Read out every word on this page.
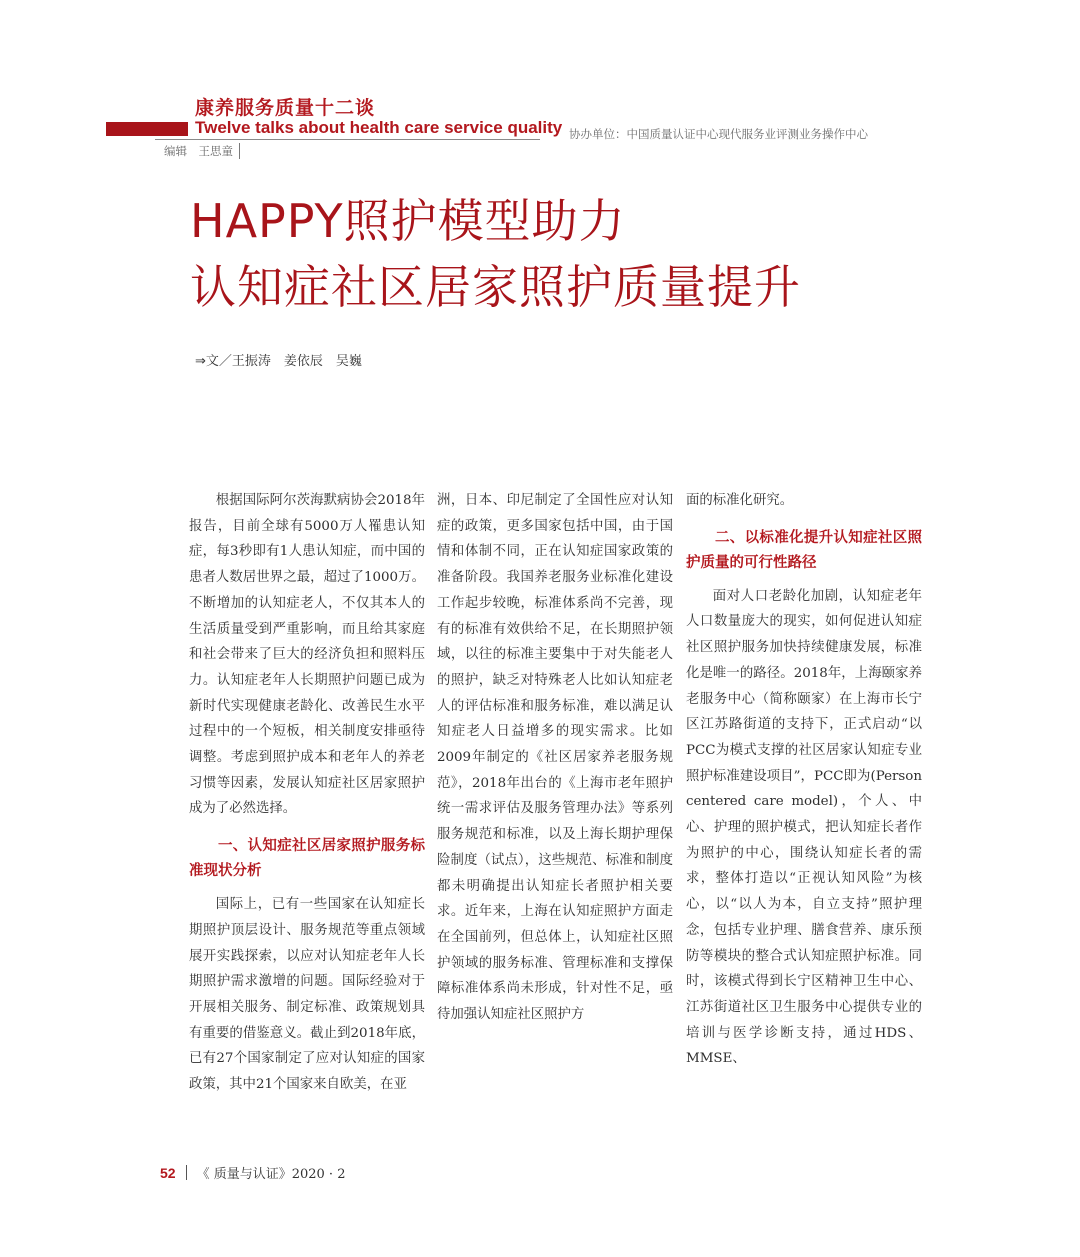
康养服务质量十二谈
Twelve talks about health care service quality 协办单位：中国质量认证中心现代服务业评测业务操作中心
编辑　王思童
HAPPY照护模型助力
认知症社区居家照护质量提升
⇒文／王振涛　姜依辰　吴巍

根据国际阿尔茨海默病协会2018年报告，目前全球有5000万人罹患认知症，每3秒即有1人患认知症，而中国的患者人数居世界之最，超过了1000万。不断增加的认知症老人，不仅其本人的生活质量受到严重影响，而且给其家庭和社会带来了巨大的经济负担和照料压力。认知症老年人长期照护问题已成为新时代实现健康老龄化、改善民生水平过程中的一个短板，相关制度安排亟待调整。考虑到照护成本和老年人的养老习惯等因素，发展认知症社区居家照护成为了必然选择。

一、认知症社区居家照护服务标准现状分析

国际上，已有一些国家在认知症长期照护顶层设计、服务规范等重点领域展开实践探索，以应对认知症老年人长期照护需求激增的问题。国际经验对于开展相关服务、制定标准、政策规划具有重要的借鉴意义。截止到2018年底，已有27个国家制定了应对认知症的国家政策，其中21个国家来自欧美，在亚

洲，日本、印尼制定了全国性应对认知症的政策，更多国家包括中国，由于国情和体制不同，正在认知症国家政策的准备阶段。我国养老服务业标准化建设工作起步较晚，标准体系尚不完善，现有的标准有效供给不足，在长期照护领域，以往的标准主要集中于对失能老人的照护，缺乏对特殊老人比如认知症老人的评估标准和服务标准，难以满足认知症老人日益增多的现实需求。比如2009年制定的《社区居家养老服务规范》，2018年出台的《上海市老年照护统一需求评估及服务管理办法》等系列服务规范和标准，以及上海长期护理保险制度（试点），这些规范、标准和制度都未明确提出认知症长者照护相关要求。近年来，上海在认知症照护方面走在全国前列，但总体上，认知症社区照护领域的服务标准、管理标准和支撑保障标准体系尚未形成，针对性不足，亟待加强认知症社区照护方

面的标准化研究。

二、以标准化提升认知症社区照护质量的可行性路径

面对人口老龄化加剧，认知症老年人口数量庞大的现实，如何促进认知症社区照护服务加快持续健康发展，标准化是唯一的路径。2018年，上海颐家养老服务中心（简称颐家）在上海市长宁区江苏路街道的支持下，正式启动“以PCC为模式支撑的社区居家认知症专业照护标准建设项目”，PCC即为(Person centered care model)，个人、中心、护理的照护模式，把认知症长者作为照护的中心，围绕认知症长者的需求，整体打造以“正视认知风险”为核心，以“以人为本，自立支持”照护理念，包括专业护理、膳食营养、康乐预防等模块的整合式认知症照护标准。同时，该模式得到长宁区精神卫生中心、江苏街道社区卫生服务中心提供专业的培训与医学诊断支持，通过HDS、MMSE、

52 《 质量与认证》2020 · 2
